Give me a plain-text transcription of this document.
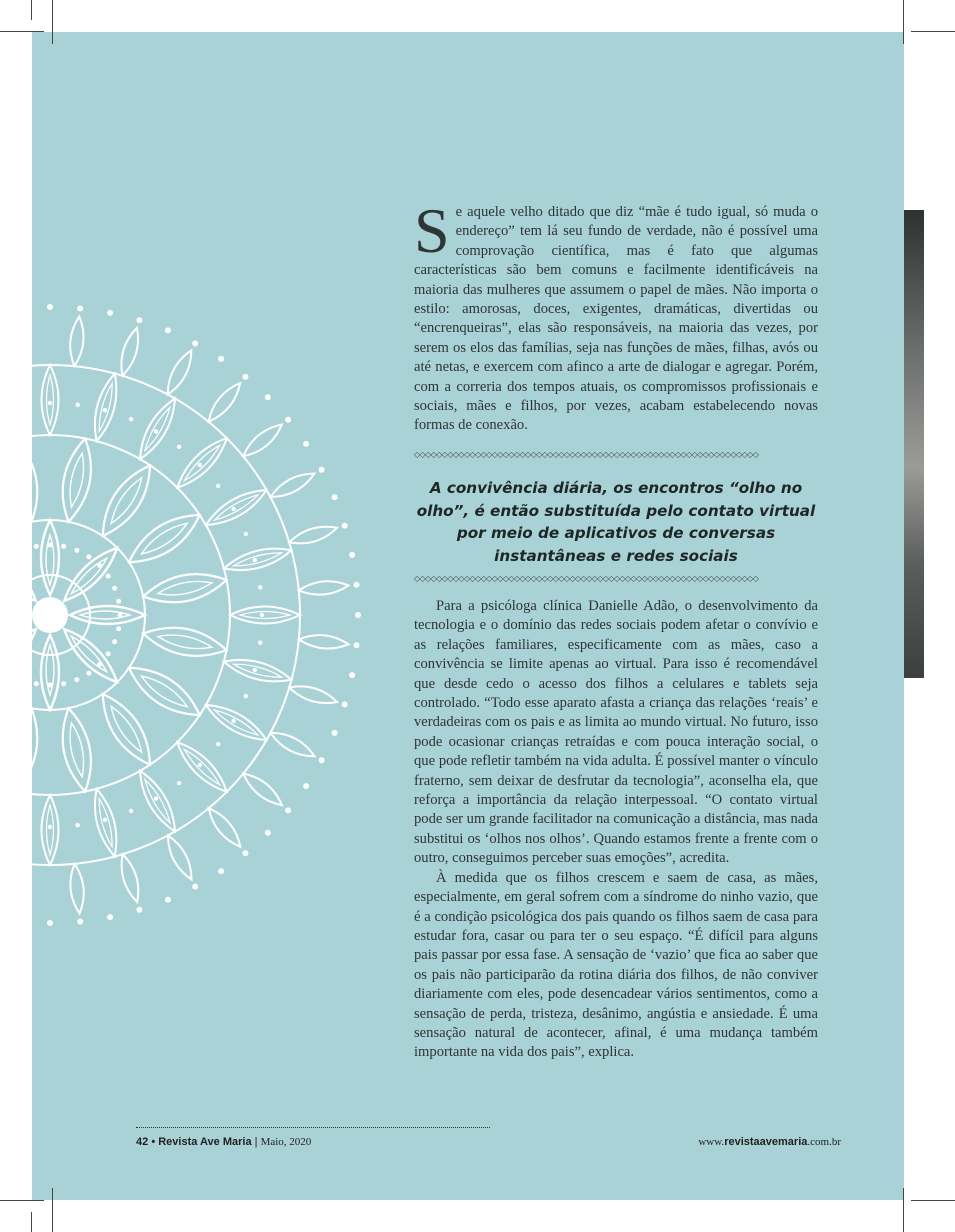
Se aquele velho ditado que diz “mãe é tudo igual, só muda o endereço” tem lá seu fundo de verdade, não é possível uma comprovação científica, mas é fato que algumas características são bem comuns e facilmente identificáveis na maioria das mulheres que assumem o papel de mães. Não importa o estilo: amorosas, doces, exigentes, dramáticas, divertidas ou “encrenqueiras”, elas são responsáveis, na maioria das vezes, por serem os elos das famílias, seja nas funções de mães, filhas, avós ou até netas, e exercem com afinco a arte de dialogar e agregar. Porém, com a correria dos tempos atuais, os compromissos profissionais e sociais, mães e filhos, por vezes, acabam estabelecendo novas formas de conexão.
◇◇◇◇◇◇◇◇◇◇◇◇◇◇◇◇◇◇◇◇◇◇◇◇◇◇◇◇◇◇◇◇◇◇◇◇◇◇◇◇◇◇◇◇◇◇◇◇◇◇◇◇◇◇◇◇◇◇◇◇◇◇

A convivência diária, os encontros “olho no olho”, é então substituída pelo contato virtual por meio de aplicativos de conversas instantâneas e redes sociais

◇◇◇◇◇◇◇◇◇◇◇◇◇◇◇◇◇◇◇◇◇◇◇◇◇◇◇◇◇◇◇◇◇◇◇◇◇◇◇◇◇◇◇◇◇◇◇◇◇◇◇◇◇◇◇◇◇◇◇◇◇◇

Para a psicóloga clínica Danielle Adão, o desenvolvimento da tecnologia e o domínio das redes sociais podem afetar o convívio e as relações familiares, especificamente com as mães, caso a convivência se limite apenas ao virtual. Para isso é recomendável que desde cedo o acesso dos filhos a celulares e tablets seja controlado. “Todo esse aparato afasta a criança das relações ‘reais’ e verdadeiras com os pais e as limita ao mundo virtual. No futuro, isso pode ocasionar crianças retraídas e com pouca interação social, o que pode refletir também na vida adulta. É possível manter o vínculo fraterno, sem deixar de desfrutar da tecnologia”, aconselha ela, que reforça a importância da relação interpessoal. “O contato virtual pode ser um grande facilitador na comunicação a distância, mas nada substitui os ‘olhos nos olhos’. Quando estamos frente a frente com o outro, conseguimos perceber suas emoções”, acredita.

À medida que os filhos crescem e saem de casa, as mães, especialmente, em geral sofrem com a síndrome do ninho vazio, que é a condição psicológica dos pais quando os filhos saem de casa para estudar fora, casar ou para ter o seu espaço. “É difícil para alguns pais passar por essa fase. A sensação de ‘vazio’ que fica ao saber que os pais não participarão da rotina diária dos filhos, de não conviver diariamente com eles, pode desencadear vários sentimentos, como a sensação de perda, tristeza, desânimo, angústia e ansiedade. É uma sensação natural de acontecer, afinal, é uma mudança também importante na vida dos pais”, explica.

42 • Revista Ave Maria | Maio, 2020	www.revistaavemaria.com.br
